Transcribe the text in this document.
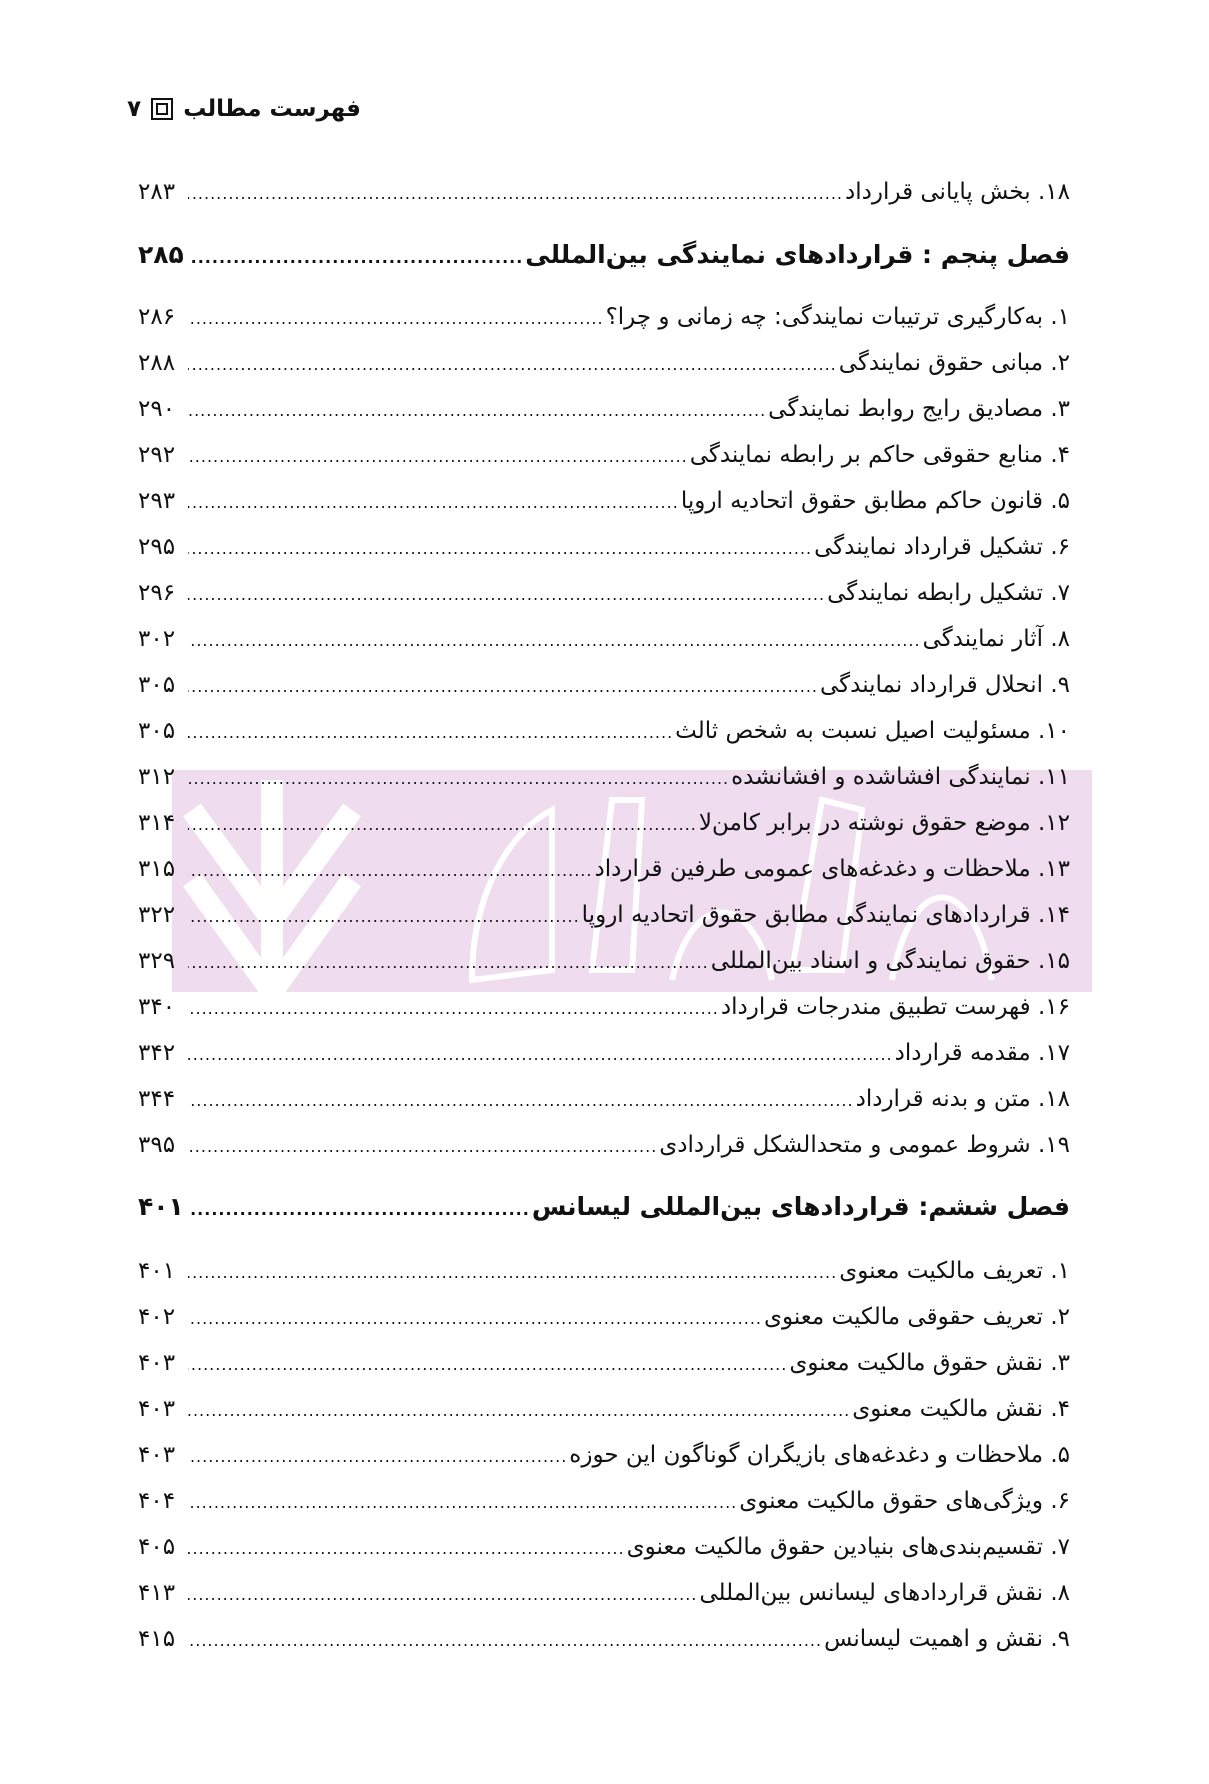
فهرست مطالب
۷
۱۸. بخش پایانی قرارداد
.....
۲۸۳
فصل پنجم : قراردادهای نمایندگی بین‌المللی
.....
۲۸۵
۱. به‌کارگیری ترتیبات نمایندگی: چه زمانی و چرا؟
.....
۲۸۶
۲. مبانی حقوق نمایندگی
.....
۲۸۸
۳. مصادیق رایج روابط نمایندگی
.....
۲۹۰
۴. منابع حقوقی حاکم بر رابطه نمایندگی
.....
۲۹۲
۵. قانون حاکم مطابق حقوق اتحادیه اروپا
.....
۲۹۳
۶. تشکیل قرارداد نمایندگی
.....
۲۹۵
۷. تشکیل رابطه نمایندگی
.....
۲۹۶
۸. آثار نمایندگی
.....
۳۰۲
۹. انحلال قرارداد نمایندگی
.....
۳۰۵
۱۰. مسئولیت اصیل نسبت به شخص ثالث
.....
۳۰۵
۱۱. نمایندگی افشاشده و افشانشده
.....
۳۱۲
۱۲. موضع حقوق نوشته در برابر کامن‌لا
.....
۳۱۴
۱۳. ملاحظات و دغدغه‌های عمومی طرفین قرارداد
.....
۳۱۵
۱۴. قراردادهای نمایندگی مطابق حقوق اتحادیه اروپا
.....
۳۲۲
۱۵. حقوق نمایندگی و اسناد بین‌المللی
.....
۳۲۹
۱۶. فهرست تطبیق مندرجات قرارداد
.....
۳۴۰
۱۷. مقدمه قرارداد
.....
۳۴۲
۱۸. متن و بدنه قرارداد
.....
۳۴۴
۱۹. شروط عمومی و متحدالشکل قراردادی
.....
۳۹۵
فصل ششم: قراردادهای بین‌المللی لیسانس
.....
۴۰۱
۱. تعریف مالکیت معنوی
.....
۴۰۱
۲. تعریف حقوقی مالکیت معنوی
.....
۴۰۲
۳. نقش حقوق مالکیت معنوی
.....
۴۰۳
۴. نقش مالکیت معنوی
.....
۴۰۳
۵. ملاحظات و دغدغه‌های بازیگران گوناگون این حوزه
.....
۴۰۳
۶. ویژگی‌های حقوق مالکیت معنوی
.....
۴۰۴
۷. تقسیم‌بندی‌های بنیادین حقوق مالکیت معنوی
.....
۴۰۵
۸. نقش قراردادهای لیسانس بین‌المللی
.....
۴۱۳
۹. نقش و اهمیت لیسانس
.....
۴۱۵
